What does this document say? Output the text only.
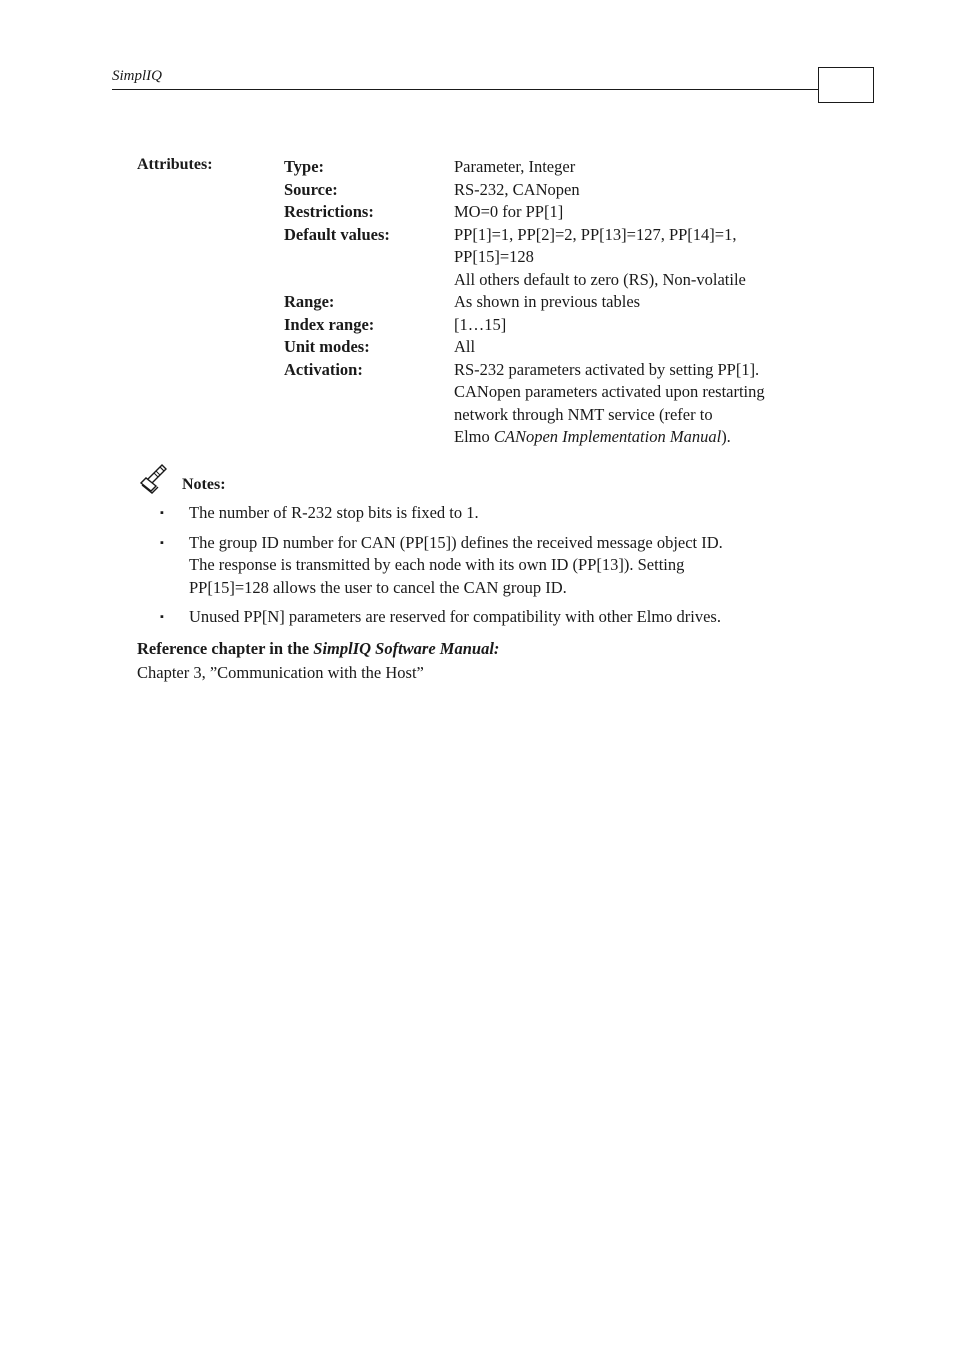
SimplIQ
Attributes:	Type:	Parameter, Integer
Source:	RS-232, CANopen
Restrictions:	MO=0 for PP[1]
Default values:	PP[1]=1, PP[2]=2, PP[13]=127, PP[14]=1,
PP[15]=128
All others default to zero (RS), Non-volatile
Range:	As shown in previous tables
Index range:	[1…15]
Unit modes:	All
Activation:	RS-232 parameters activated by setting PP[1].
CANopen parameters activated upon restarting
network through NMT service (refer to
Elmo CANopen Implementation Manual).
Notes:
▪ The number of R-232 stop bits is fixed to 1.
▪ The group ID number for CAN (PP[15]) defines the received message object ID.
The response is transmitted by each node with its own ID (PP[13]). Setting
PP[15]=128 allows the user to cancel the CAN group ID.
▪ Unused PP[N] parameters are reserved for compatibility with other Elmo drives.
Reference chapter in the SimplIQ Software Manual:
Chapter 3, ”Communication with the Host”
